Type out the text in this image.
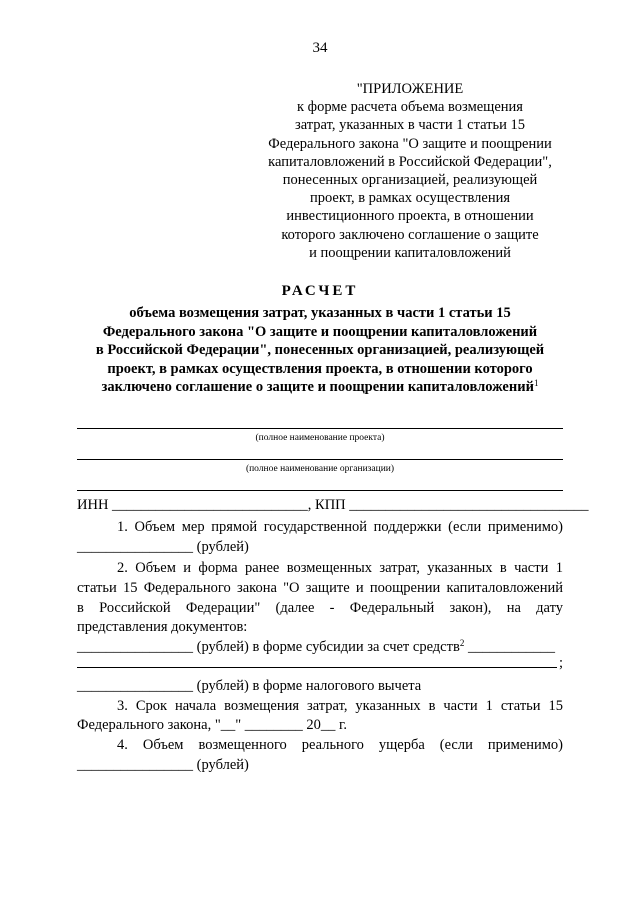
34
"ПРИЛОЖЕНИЕ
к форме расчета объема возмещения
затрат, указанных в части 1 статьи 15
Федерального закона "О защите и поощрении
капиталовложений в Российской Федерации",
понесенных организацией, реализующей
проект, в рамках осуществления
инвестиционного проекта, в отношении
которого заключено соглашение о защите
и поощрении капиталовложений
РАСЧЕТ
объема возмещения затрат, указанных в части 1 статьи 15
Федерального закона "О защите и поощрении капиталовложений
в Российской Федерации", понесенных организацией, реализующей
проект, в рамках осуществления проекта, в отношении которого
заключено соглашение о защите и поощрении капиталовложений$^1$
(полное наименование проекта)
(полное наименование организации)
ИНН ___________________________, КПП _________________________________
1. Объем мер прямой государственной поддержки (если применимо)
________________ (рублей)
2. Объем и форма ранее возмещенных затрат, указанных в части 1
статьи 15 Федерального закона "О защите и поощрении капиталовложений
в Российской Федерации" (далее - Федеральный закон), на дату
представления документов:
________________ (рублей) в форме субсидии за счет средств$^2$ ____________
;
________________ (рублей) в форме налогового вычета
3. Срок начала возмещения затрат, указанных в части 1 статьи 15
Федерального закона, "__" ________ 20__ г.
4. Объем возмещенного реального ущерба (если применимо)
________________ (рублей)
